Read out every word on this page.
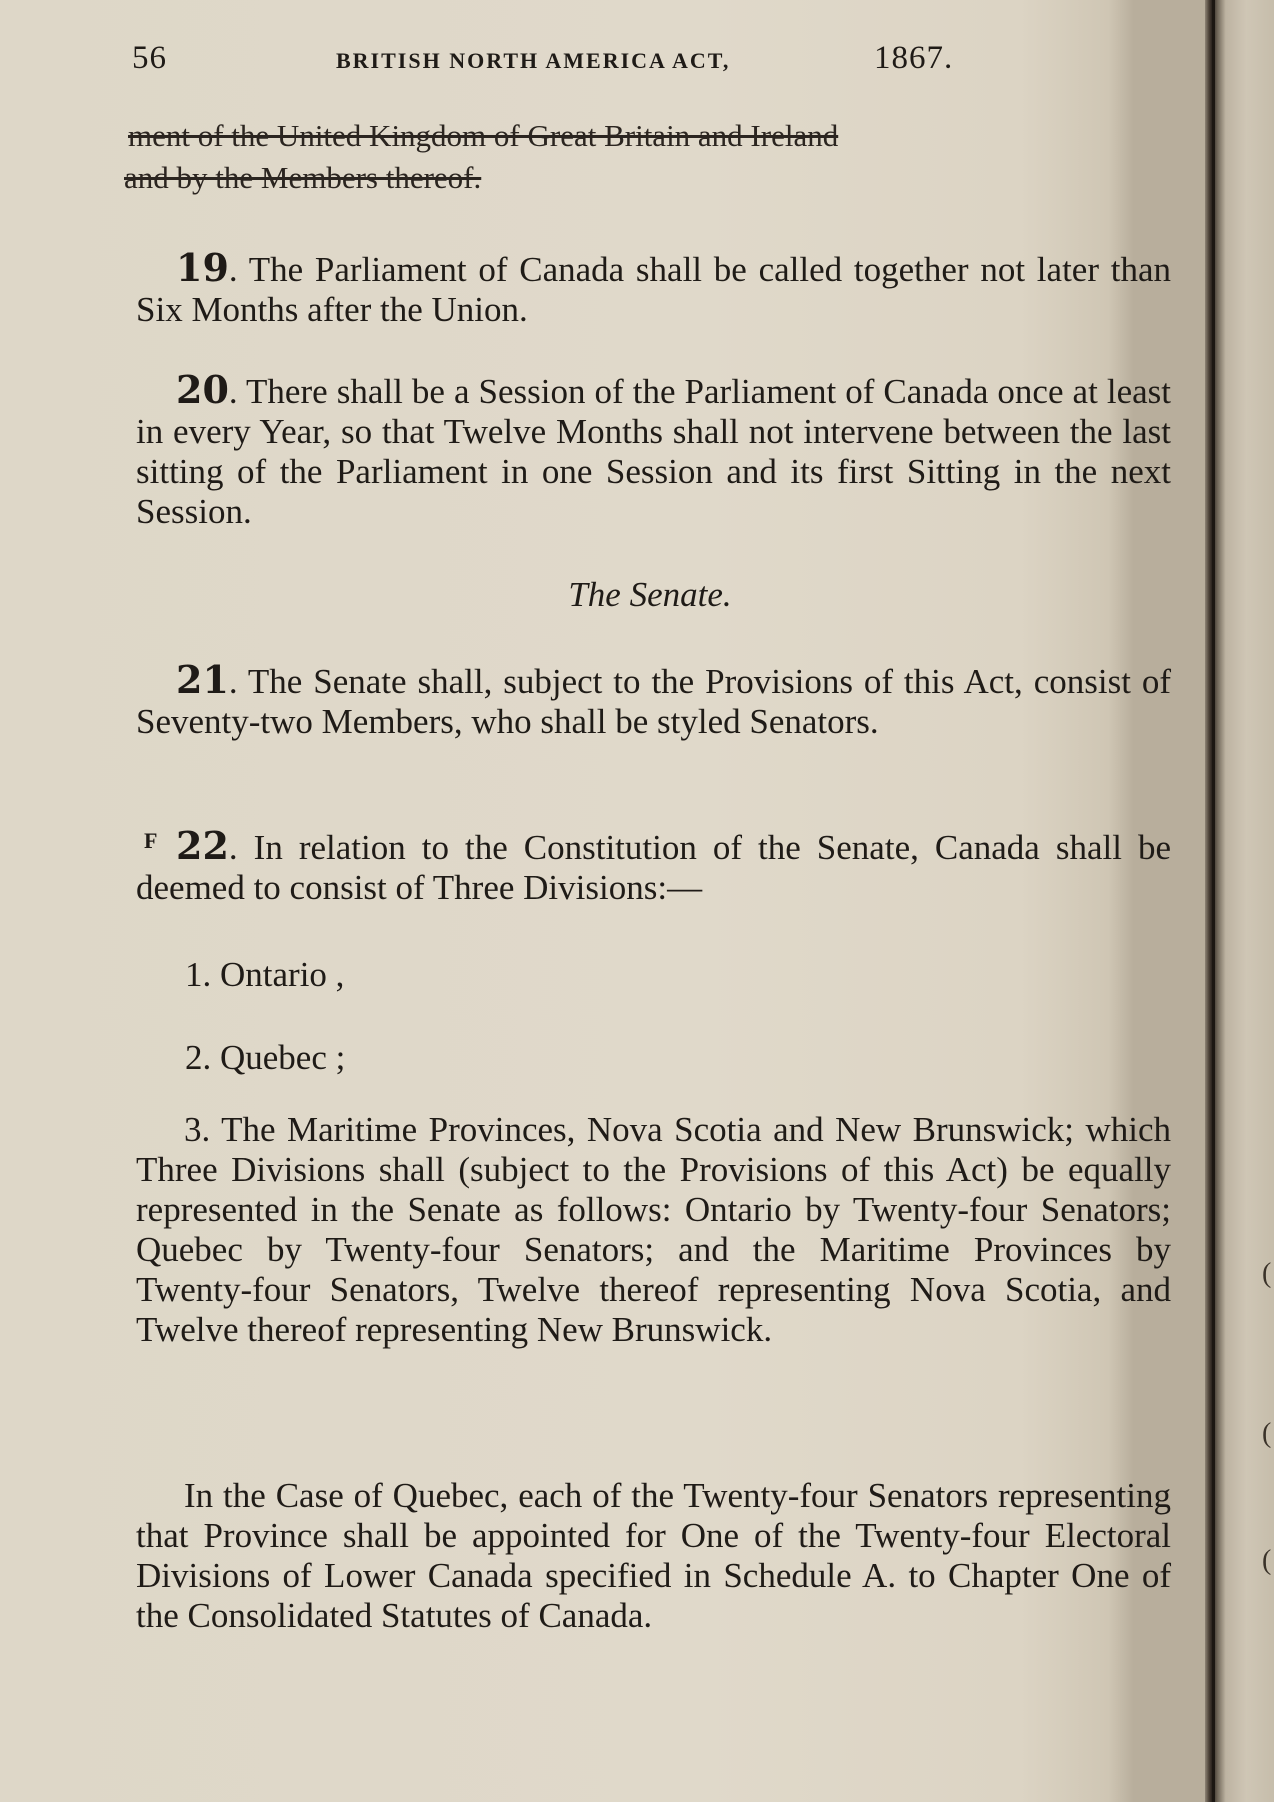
56	BRITISH NORTH AMERICA ACT,	1867.
ment of the United Kingdom of Great Britain and Ireland
and by the Members thereof.
19. The Parliament of Canada shall be called together not later than Six Months after the Union.
20. There shall be a Session of the Parliament of Canada once at least in every Year, so that Twelve Months shall not intervene between the last sitting of the Parliament in one Session and its first Sitting in the next Session.
The Senate.
21. The Senate shall, subject to the Provisions of this Act, consist of Seventy-two Members, who shall be styled Senators.
F 22. In relation to the Constitution of the Senate, Canada shall be deemed to consist of Three Divisions:—
1. Ontario ,
2. Quebec ;
3. The Maritime Provinces, Nova Scotia and New Brunswick; which Three Divisions shall (subject to the Provisions of this Act) be equally represented in the Senate as follows: Ontario by Twenty-four Senators; Quebec by Twenty-four Senators; and the Maritime Provinces by Twenty-four Senators, Twelve thereof representing Nova Scotia, and Twelve thereof representing New Brunswick.
In the Case of Quebec, each of the Twenty-four Senators representing that Province shall be appointed for One of the Twenty-four Electoral Divisions of Lower Canada specified in Schedule A. to Chapter One of the Consolidated Statutes of Canada.
(
(
(
